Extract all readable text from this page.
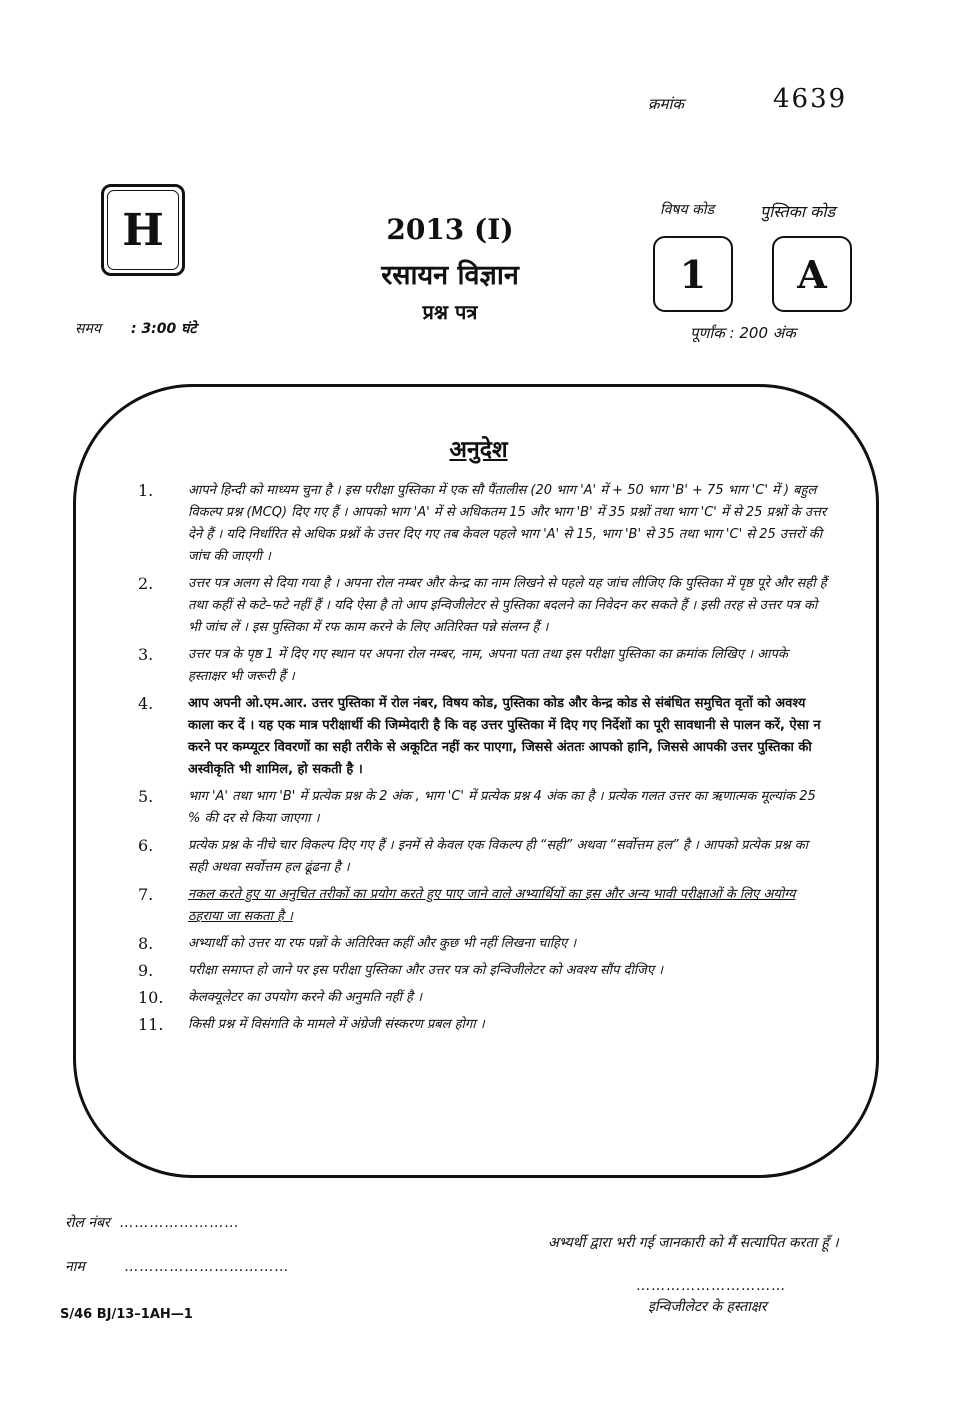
क्रमांक	4639
H	2013 (I)
रसायन विज्ञान
प्रश्न पत्र
समय : 3:00 घंटे
विषय कोड	पुस्तिका कोड
1 A
पूर्णांक : 200 अंक
अनुदेश
1.	आपने हिन्दी को माध्यम चुना है । इस परीक्षा पुस्तिका में एक सौ पैंतालीस (20 भाग 'A' में + 50 भाग 'B' + 75 भाग 'C' में ) बहुल विकल्प प्रश्न (MCQ) दिए गए हैं । आपको भाग 'A' में से अधिकतम 15 और भाग 'B' में 35 प्रश्नों तथा भाग 'C' में से 25 प्रश्नों के उत्तर देने हैं । यदि निर्धारित से अधिक प्रश्नों के उत्तर दिए गए तब केवल पहले भाग 'A' से 15, भाग 'B' से 35 तथा भाग 'C' से 25 उत्तरों की जांच की जाएगी ।
2.	उत्तर पत्र अलग से दिया गया है । अपना रोल नम्बर और केन्द्र का नाम लिखने से पहले यह जांच लीजिए कि पुस्तिका में पृष्ठ पूरे और सही हैं तथा कहीं से कटे–फटे नहीं हैं । यदि ऐसा है तो आप इन्विजीलेटर से पुस्तिका बदलने का निवेदन कर सकते हैं । इसी तरह से उत्तर पत्र को भी जांच लें । इस पुस्तिका में रफ काम करने के लिए अतिरिक्त पन्ने संलग्न हैं ।
3.	उत्तर पत्र के पृष्ठ 1 में दिए गए स्थान पर अपना रोल नम्बर, नाम, अपना पता तथा इस परीक्षा पुस्तिका का क्रमांक लिखिए । आपके हस्ताक्षर भी जरूरी हैं ।
4.	आप अपनी ओ.एम.आर. उत्तर पुस्तिका में रोल नंबर, विषय कोड, पुस्तिका कोड और केन्द्र कोड से संबंधित समुचित वृतों को अवश्य काला कर दें । यह एक मात्र परीक्षार्थी की जिम्मेदारी है कि वह उत्तर पुस्तिका में दिए गए निर्देशों का पूरी सावधानी से पालन करें, ऐसा न करने पर कम्प्यूटर विवरणों का सही तरीके से अकूटित नहीं कर पाएगा, जिससे अंततः आपको हानि, जिससे आपकी उत्तर पुस्तिका की अस्वीकृति भी शामिल, हो सकती है ।
5.	भाग 'A' तथा भाग 'B' में प्रत्येक प्रश्न के 2 अंक , भाग 'C' में प्रत्येक प्रश्न 4 अंक का है । प्रत्येक गलत उत्तर का ऋणात्मक मूल्यांक 25 % की दर से किया जाएगा ।
6.	प्रत्येक प्रश्न के नीचे चार विकल्प दिए गए हैं । इनमें से केवल एक विकल्प ही “सही” अथवा “सर्वोत्तम हल” है । आपको प्रत्येक प्रश्न का सही अथवा सर्वोत्तम हल ढूंढना है ।
7.	नकल करते हुए या अनुचित तरीकों का प्रयोग करते हुए पाए जाने वाले अभ्यार्थियों का इस और अन्य भावी परीक्षाओं के लिए अयोग्य ठहराया जा सकता है ।
8.	अभ्यार्थी को उत्तर या रफ पन्नों के अतिरिक्त कहीं और कुछ भी नहीं लिखना चाहिए ।
9.	परीक्षा समाप्त हो जाने पर इस परीक्षा पुस्तिका और उत्तर पत्र को इन्विजीलेटर को अवश्य सौंप दीजिए ।
10.	केलक्यूलेटर का उपयोग करने की अनुमति नहीं है ।
11.	किसी प्रश्न में विसंगति के मामले में अंग्रेजी संस्करण प्रबल होगा ।
रोल नंबर ……………………
नाम	……………………………
अभ्यर्थी द्वारा भरी गई जानकारी को मैं सत्यापित करता हूँ ।
…………………………
इन्विजीलेटर के हस्ताक्षर
S/46 BJ/13–1AH—1
